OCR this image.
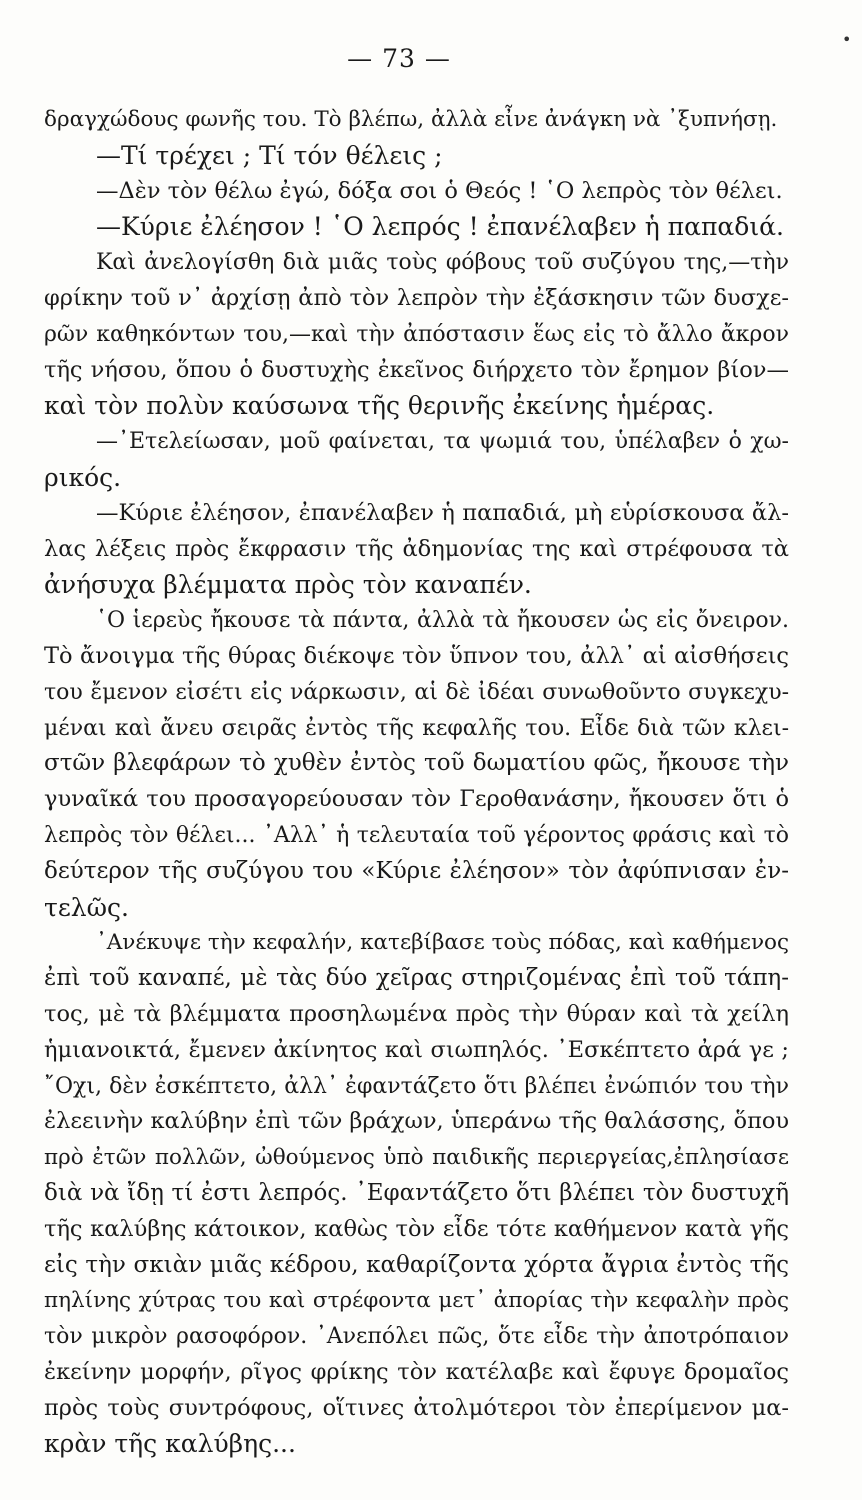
— 73 —
•
δραγχώδους φωνῆς του. Τὸ βλέπω, ἀλλὰ εἶνε ἀνάγκη νὰ ᾽ξυπνήσῃ.
—Τί τρέχει ; Τί τόν θέλεις ;
—Δὲν τὸν θέλω ἐγώ, δόξα σοι ὁ Θεός ! ῾Ο λεπρὸς τὸν θέλει.
—Κύριε ἐλέησον ! ῾Ο λεπρός ! ἐπανέλαβεν ἡ παπαδιά.
Καὶ ἀνελογίσθη διὰ μιᾶς τοὺς φόβους τοῦ συζύγου της,—τὴν
φρίκην τοῦ ν᾽ ἀρχίσῃ ἀπὸ τὸν λεπρὸν τὴν ἐξάσκησιν τῶν δυσχε-
ρῶν καθηκόντων του,—καὶ τὴν ἀπόστασιν ἕως εἰς τὸ ἄλλο ἄκρον
τῆς νήσου, ὅπου ὁ δυστυχὴς ἐκεῖνος διήρχετο τὸν ἔρημον βίον—
καὶ τὸν πολὺν καύσωνα τῆς θερινῆς ἐκείνης ἡμέρας.
—᾽Ετελείωσαν, μοῦ φαίνεται, τα ψωμιά του, ὑπέλαβεν ὁ χω-
ρικός.
—Κύριε ἐλέησον, ἐπανέλαβεν ἡ παπαδιά, μὴ εὑρίσκουσα ἄλ-
λας λέξεις πρὸς ἔκφρασιν τῆς ἀδημονίας της καὶ στρέφουσα τὰ
ἀνήσυχα βλέμματα πρὸς τὸν καναπέν.
῾Ο ἱερεὺς ἤκουσε τὰ πάντα, ἀλλὰ τὰ ἤκουσεν ὡς εἰς ὄνειρον.
Τὸ ἄνοιγμα τῆς θύρας διέκοψε τὸν ὕπνον του, ἀλλ᾽ αἱ αἰσθήσεις
του ἔμενον εἰσέτι εἰς νάρκωσιν, αἱ δὲ ἰδέαι συνωθοῦντο συγκεχυ-
μέναι καὶ ἄνευ σειρᾶς ἐντὸς τῆς κεφαλῆς του. Εἶδε διὰ τῶν κλει-
στῶν βλεφάρων τὸ χυθὲν ἐντὸς τοῦ δωματίου φῶς, ἤκουσε τὴν
γυναῖκά του προσαγορεύουσαν τὸν Γεροθανάσην, ἤκουσεν ὅτι ὁ
λεπρὸς τὸν θέλει... ᾽Αλλ᾽ ἡ τελευταία τοῦ γέροντος φράσις καὶ τὸ
δεύτερον τῆς συζύγου του «Κύριε ἐλέησον» τὸν ἀφύπνισαν ἐν-
τελῶς.
᾽Ανέκυψε τὴν κεφαλήν, κατεβίβασε τοὺς πόδας, καὶ καθήμενος
ἐπὶ τοῦ καναπέ, μὲ τὰς δύο χεῖρας στηριζομένας ἐπὶ τοῦ τάπη-
τος, μὲ τὰ βλέμματα προσηλωμένα πρὸς τὴν θύραν καὶ τὰ χείλη
ἡμιανοικτά, ἔμενεν ἀκίνητος καὶ σιωπηλός. ᾽Εσκέπτετο ἀρά γε ;
῎Οχι, δὲν ἐσκέπτετο, ἀλλ᾽ ἐφαντάζετο ὅτι βλέπει ἐνώπιόν του τὴν
ἐλεεινὴν καλύβην ἐπὶ τῶν βράχων, ὑπεράνω τῆς θαλάσσης, ὅπου
πρὸ ἐτῶν πολλῶν, ὠθούμενος ὑπὸ παιδικῆς περιεργείας,ἐπλησίασε
διὰ νὰ ἴδῃ τί ἐστι λεπρός. ᾽Εφαντάζετο ὅτι βλέπει τὸν δυστυχῆ
τῆς καλύβης κάτοικον, καθὼς τὸν εἶδε τότε καθήμενον κατὰ γῆς
εἰς τὴν σκιὰν μιᾶς κέδρου, καθαρίζοντα χόρτα ἄγρια ἐντὸς τῆς
πηλίνης χύτρας του καὶ στρέφοντα μετ᾽ ἀπορίας τὴν κεφαλὴν πρὸς
τὸν μικρὸν ρασοφόρον. ᾽Ανεπόλει πῶς, ὅτε εἶδε τὴν ἀποτρόπαιον
ἐκείνην μορφήν, ρῖγος φρίκης τὸν κατέλαβε καὶ ἔφυγε δρομαῖος
πρὸς τοὺς συντρόφους, οἵτινες ἀτολμότεροι τὸν ἐπερίμενον μα-
κρὰν τῆς καλύβης...
